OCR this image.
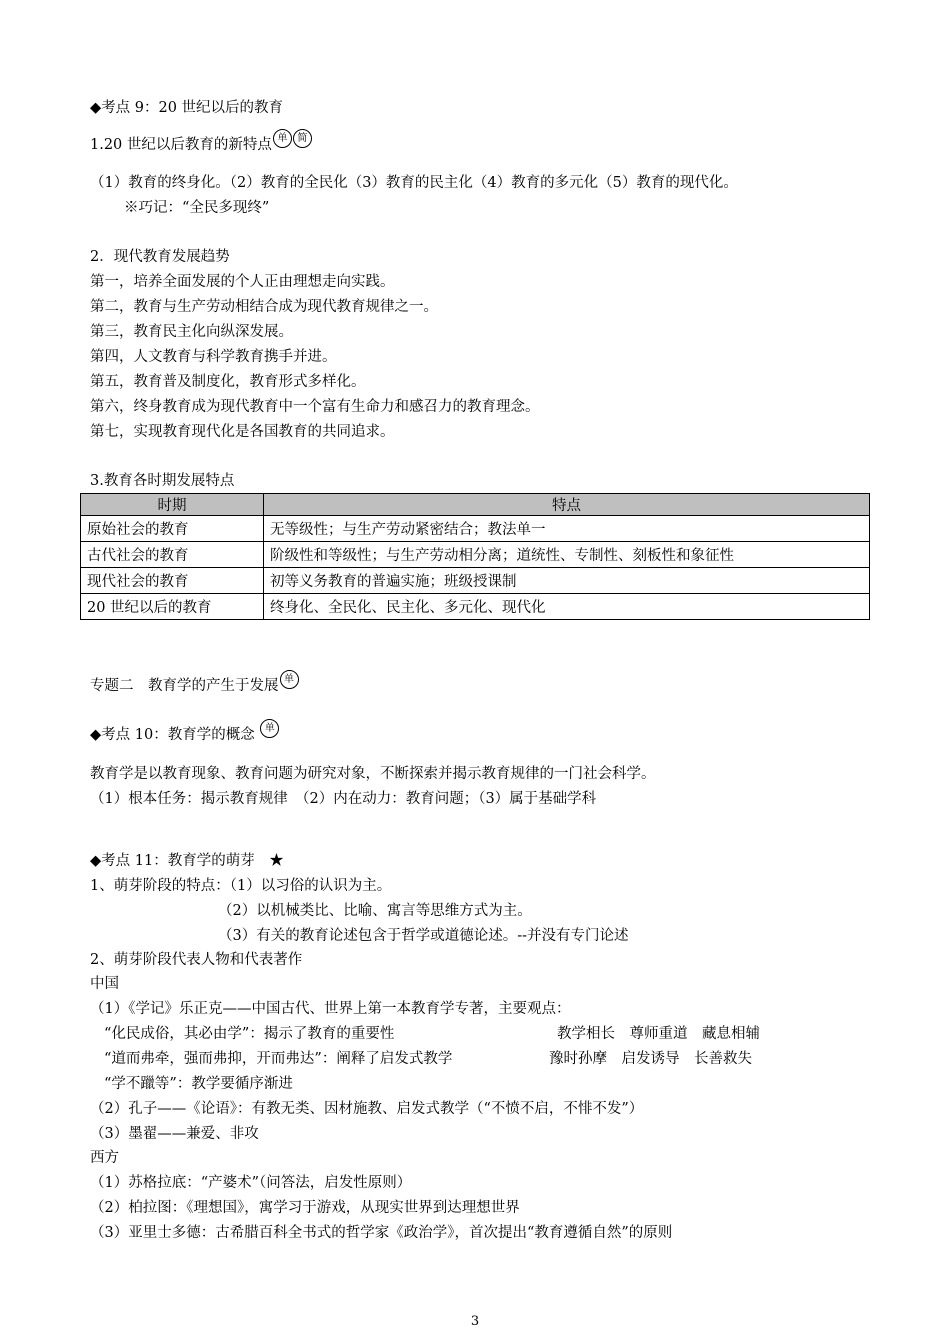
◆考点 9：20 世纪以后的教育
1.20 世纪以后教育的新特点 单 简
（1）教育的终身化。（2）教育的全民化（3）教育的民主化（4）教育的多元化（5）教育的现代化。
※巧记：“全民多现终”
2．现代教育发展趋势
第一，培养全面发展的个人正由理想走向实践。
第二，教育与生产劳动相结合成为现代教育规律之一。
第三，教育民主化向纵深发展。
第四，人文教育与科学教育携手并进。
第五，教育普及制度化，教育形式多样化。
第六，终身教育成为现代教育中一个富有生命力和感召力的教育理念。
第七，实现教育现代化是各国教育的共同追求。
3.教育各时期发展特点
时期	特点
原始社会的教育	无等级性；与生产劳动紧密结合；教法单一
古代社会的教育	阶级性和等级性；与生产劳动相分离；道统性、专制性、刻板性和象征性
现代社会的教育	初等义务教育的普遍实施；班级授课制
20 世纪以后的教育	终身化、全民化、民主化、多元化、现代化
专题二　教育学的产生于发展 单
◆考点 10：教育学的概念 单
教育学是以教育现象、教育问题为研究对象，不断探索并揭示教育规律的一门社会科学。
（1）根本任务：揭示教育规律　（2）内在动力：教育问题；（3）属于基础学科
◆考点 11：教育学的萌芽　★
1、萌芽阶段的特点：（1）以习俗的认识为主。
（2）以机械类比、比喻、寓言等思维方式为主。
（3）有关的教育论述包含于哲学或道德论述。--并没有专门论述
2、萌芽阶段代表人物和代表著作
中国
（1）《学记》乐正克——中国古代、世界上第一本教育学专著，主要观点：
“化民成俗，其必由学”：揭示了教育的重要性	教学相长　尊师重道　藏息相辅
“道而弗牵，强而弗抑，开而弗达”：阐释了启发式教学	豫时孙摩　启发诱导　长善救失
“学不躐等”：教学要循序渐进
（2）孔子——《论语》：有教无类、因材施教、启发式教学（“不愤不启，不悱不发”）
（3）墨翟——兼爱、非攻
西方
（1）苏格拉底：“产婆术”（问答法，启发性原则）
（2）柏拉图：《理想国》，寓学习于游戏，从现实世界到达理想世界
（3）亚里士多德：古希腊百科全书式的哲学家《政治学》，首次提出“教育遵循自然”的原则
3
